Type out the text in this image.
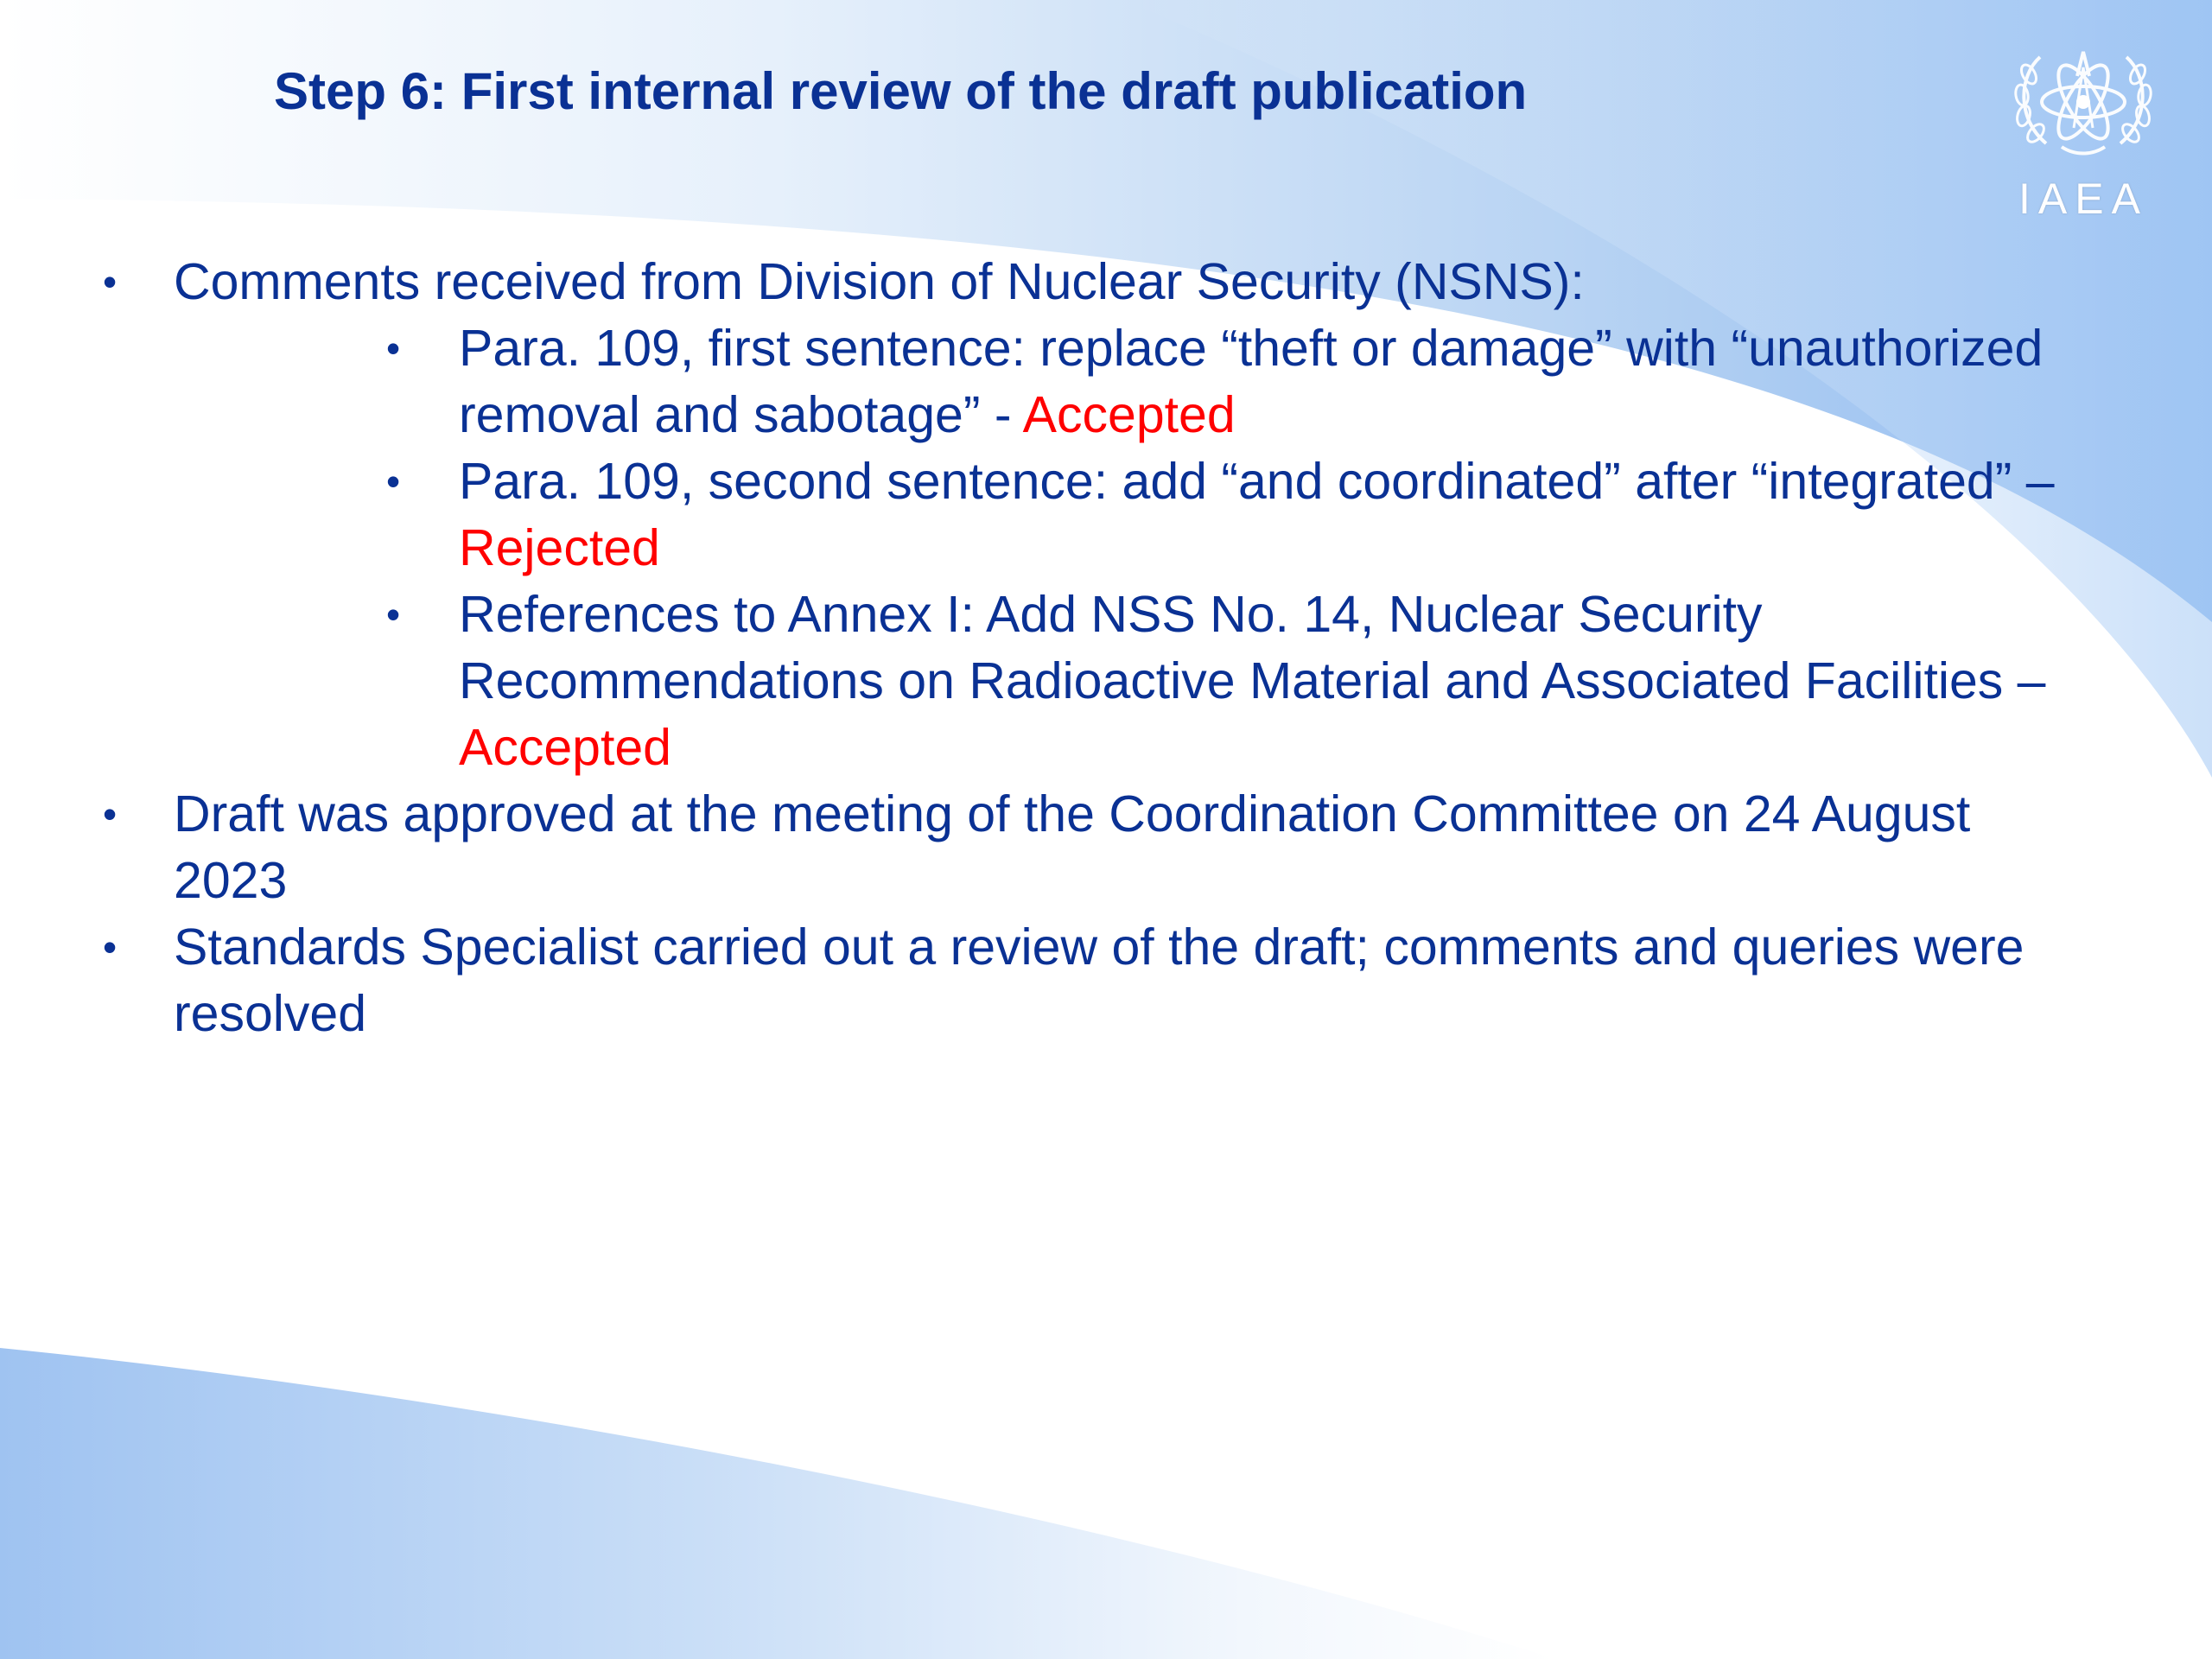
Step 6: First internal review of the draft publication
IAEA
• Comments received from Division of Nuclear Security (NSNS):
• Para. 109, first sentence: replace “theft or damage” with “unauthorized removal and sabotage” - Accepted
• Para. 109, second sentence: add “and coordinated” after “integrated” – Rejected
• References to Annex I: Add NSS No. 14, Nuclear Security Recommendations on Radioactive Material and Associated Facilities – Accepted
• Draft was approved at the meeting of the Coordination Committee on 24 August 2023
• Standards Specialist carried out a review of the draft; comments and queries were resolved
